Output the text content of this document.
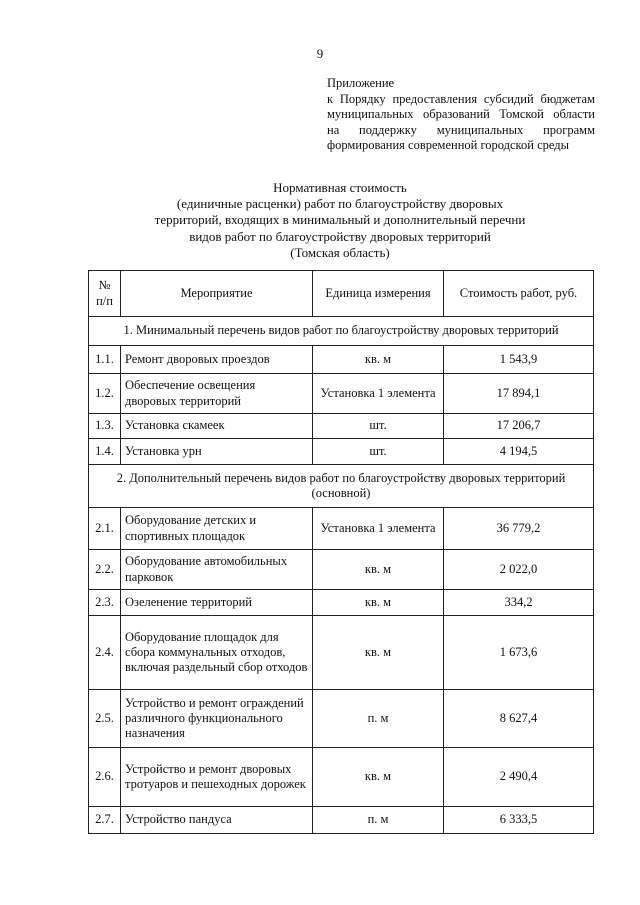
9
Приложение
к Порядку предоставления субсидий бюджетам
муниципальных образований Томской области
на поддержку муниципальных программ
формирования современной городской среды
Нормативная стоимость
(единичные расценки) работ по благоустройству дворовых
территорий, входящих в минимальный и дополнительный перечни
видов работ по благоустройству дворовых территорий
(Томская область)
№ п/п	Мероприятие	Единица измерения	Стоимость работ, руб.
1. Минимальный перечень видов работ по благоустройству дворовых территорий			
1.1.	Ремонт дворовых проездов	кв. м	1 543,9
1.2.	Обеспечение освещения дворовых территорий	Установка 1 элемента	17 894,1
1.3.	Установка скамеек	шт.	17 206,7
1.4.	Установка урн	шт.	4 194,5
2. Дополнительный перечень видов работ по благоустройству дворовых территорий (основной)			
2.1.	Оборудование детских и спортивных площадок	Установка 1 элемента	36 779,2
2.2.	Оборудование автомобильных парковок	кв. м	2 022,0
2.3.	Озеленение территорий	кв. м	334,2
2.4.	Оборудование площадок для сбора коммунальных отходов, включая раздельный сбор отходов	кв. м	1 673,6
2.5.	Устройство и ремонт ограждений различного функционального назначения	п. м	8 627,4
2.6.	Устройство и ремонт дворовых тротуаров и пешеходных дорожек	кв. м	2 490,4
2.7.	Устройство пандуса	п. м	6 333,5
